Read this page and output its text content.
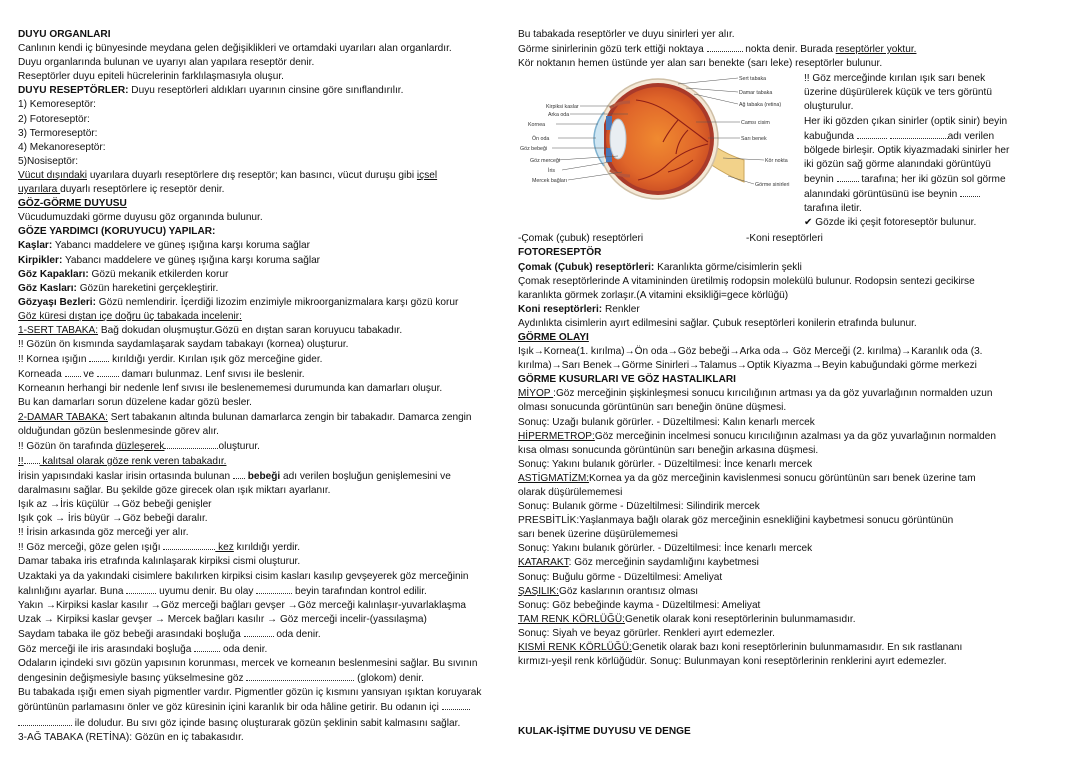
DUYU ORGANLARI
Canlının kendi iç bünyesinde meydana gelen değişiklikleri ve ortamdaki uyarıları alan organlardır.
Duyu organlarında bulunan ve uyarıyı alan yapılara reseptör denir.
Reseptörler duyu epiteli hücrelerinin farklılaşmasıyla oluşur.
DUYU RESEPTÖRLER: Duyu reseptörleri aldıkları uyarının cinsine göre sınıflandırılır.
1) Kemoreseptör:
2) Fotoreseptör:
3) Termoreseptör:
4) Mekanoreseptör:
5)Nosiseptör:
Vücut dışındaki uyarılara duyarlı reseptörlere dış reseptör; kan basıncı, vücut duruşu gibi içsel
uyarılara duyarlı reseptörlere iç reseptör denir.
GÖZ-GÖRME DUYUSU
Vücudumuzdaki görme duyusu göz organında bulunur.
GÖZE YARDIMCI (KORUYUCU) YAPILAR:
Kaşlar: Yabancı maddelere ve güneş ışığına karşı koruma sağlar
Kirpikler: Yabancı maddelere ve güneş ışığına karşı koruma sağlar
Göz Kapakları: Gözü mekanik etkilerden korur
Göz Kasları: Gözün hareketini gerçekleştirir.
Gözyaşı Bezleri: Gözü nemlendirir. İçerdiği lizozim enzimiyle mikroorganizmalara karşı gözü korur
Göz küresi dıştan içe doğru üç tabakada incelenir:
1-SERT TABAKA: Bağ dokudan oluşmuştur.Gözü en dıştan saran koruyucu tabakadır.
!! Gözün ön kısmında saydamlaşarak saydam tabakayı (kornea) oluşturur.
!! Kornea ışığın  kırıldığı yerdir. Kırılan ışık göz merceğine gider.
Korneada  ve  damarı bulunmaz. Lenf sıvısı ile beslenir.
Korneanın herhangi bir nedenle lenf sıvısı ile beslenememesi durumunda kan damarları oluşur.
Bu kan damarları sorun düzelene kadar gözü besler.
2-DAMAR TABAKA: Sert tabakanın altında bulunan damarlarca zengin bir tabakadır. Damarca zengin
olduğundan gözün beslenmesinde görev alır.
!! Gözün ön tarafında düzleşerek	oluşturur.
!! kalıtsal olarak göze renk veren tabakadır.
İrisin yapısındaki kaslar irisin ortasında bulunan  bebeği adı verilen boşluğun genişlemesini ve
daralmasını sağlar. Bu şekilde göze girecek olan ışık miktarı ayarlanır.
Işık az →İris küçülür →Göz bebeği genişler
Işık çok → İris büyür →Göz bebeği daralır.
!! İrisin arkasında göz merceği yer alır.
!! Göz merceği, göze gelen ışığı	kez kırıldığı yerdir.
Damar tabaka iris etrafında kalınlaşarak kirpiksi cismi oluşturur.
Uzaktaki ya da yakındaki cisimlere bakılırken kirpiksi cisim kasları kasılıp gevşeyerek göz merceğinin
kalınlığını ayarlar. Buna	uyumu denir. Bu olay	beyin tarafından kontrol edilir.
Yakın →Kirpiksi kaslar kasılır →Göz merceği bağları gevşer →Göz merceği kalınlaşır-yuvarlaklaşma
Uzak → Kirpiksi kaslar gevşer → Mercek bağları kasılır → Göz merceği incelir-(yassılaşma)
Saydam tabaka ile göz bebeği arasındaki boşluğa	oda denir.
Göz merceği ile iris arasındaki boşluğa	oda denir.
Odaların içindeki sıvı gözün yapısının korunması, mercek ve korneanın beslenmesini sağlar. Bu sıvının
dengesinin değişmesiyle basınç yükselmesine göz	(glokom) denir.
Bu tabakada ışığı emen siyah pigmentler vardır. Pigmentler gözün iç kısmını yansıyan ışıktan koruyarak
görüntünün parlamasını önler ve göz küresinin içini karanlık bir oda hâline getirir. Bu odanın içi
ile doludur. Bu sıvı göz içinde basınç oluşturarak gözün şeklinin sabit kalmasını sağlar.
3-AĞ TABAKA (RETİNA): Gözün en iç tabakasıdır.
Bu tabakada reseptörler ve duyu sinirleri yer alır.
Görme sinirlerinin gözü terk ettiği noktaya	nokta denir. Burada reseptörler yoktur.
Kör noktanın hemen üstünde yer alan sarı benekte (sarı leke) reseptörler bulunur.
Sert tabaka
Damar tabaka
Ağ tabaka (retina)
Camsı cisim
Sarı benek
Kör nokta
Görme sinirleri
Kirpiksi kaslar
Arka oda
Kornea
Ön oda
Göz bebeği
Göz merceği
İris
Mercek bağları
!! Göz merceğinde kırılan ışık sarı benek
üzerine düşürülerek küçük ve ters görüntü
oluşturulur.
Her iki gözden çıkan sinirler (optik sinir) beyin
kabuğunda	adı verilen
bölgede birleşir. Optik kiyazmadaki sinirler her
iki gözün sağ görme alanındaki görüntüyü
beynin  tarafına; her iki gözün sol görme
alanındaki görüntüsünü ise beynin
tarafına iletir.
✔ Gözde iki çeşit fotoreseptör bulunur.
-Çomak (çubuk) reseptörleri	-Koni reseptörleri
FOTORESEPTÖR
Çomak (Çubuk) reseptörleri: Karanlıkta görme/cisimlerin şekli
Çomak reseptörlerinde A vitamininden üretilmiş rodopsin molekülü bulunur. Rodopsin sentezi gecikirse
karanlıkta görmek zorlaşır.(A vitamini eksikliği=gece körlüğü)
Koni reseptörleri: Renkler
Aydınlıkta cisimlerin ayırt edilmesini sağlar. Çubuk reseptörleri konilerin etrafında bulunur.
GÖRME OLAYI
Işık→Kornea(1. kırılma)→Ön oda→Göz bebeği→Arka oda→ Göz Merceği (2. kırılma)→Karanlık oda (3.
kırılma)→Sarı Benek→Görme Sinirleri→Talamus→Optik Kiyazma→Beyin kabuğundaki görme merkezi
GÖRME KUSURLARI VE GÖZ HASTALIKLARI
MİYOP :Göz merceğinin şişkinleşmesi sonucu kırıcılığının artması ya da göz yuvarlağının normalden uzun
olması sonucunda görüntünün sarı beneğin önüne düşmesi.
Sonuç: Uzağı bulanık görürler. - Düzeltilmesi: Kalın kenarlı mercek
HİPERMETROP:Göz merceğinin incelmesi sonucu kırıcılığının azalması ya da göz yuvarlağının normalden
kısa olması sonucunda görüntünün sarı beneğin arkasına düşmesi.
Sonuç: Yakını bulanık görürler. - Düzeltilmesi: İnce kenarlı mercek
ASTİGMATİZM:Kornea ya da göz merceğinin kavislenmesi sonucu görüntünün sarı benek üzerine tam
olarak düşürülememesi
Sonuç: Bulanık görme - Düzeltilmesi: Silindirik mercek
PRESBİTLİK:Yaşlanmaya bağlı olarak göz merceğinin esnekliğini kaybetmesi sonucu görüntünün
sarı benek üzerine düşürülememesi
Sonuç: Yakını bulanık görürler. - Düzeltilmesi: İnce kenarlı mercek
KATARAKT: Göz merceğinin saydamlığını kaybetmesi
Sonuç: Buğulu görme - Düzeltilmesi: Ameliyat
ŞAŞILIK:Göz kaslarının orantısız olması
Sonuç: Göz bebeğinde kayma - Düzeltilmesi: Ameliyat
TAM RENK KÖRLÜĞÜ:Genetik olarak koni reseptörlerinin bulunmamasıdır.
Sonuç: Siyah ve beyaz görürler. Renkleri ayırt edemezler.
KISMİ RENK KÖRLÜĞÜ:Genetik olarak bazı koni reseptörlerinin bulunmamasıdır. En sık rastlananı
kırmızı-yeşil renk körlüğüdür. Sonuç: Bulunmayan koni reseptörlerinin renklerini ayırt edemezler.
KULAK-İŞİTME DUYUSU VE DENGE
